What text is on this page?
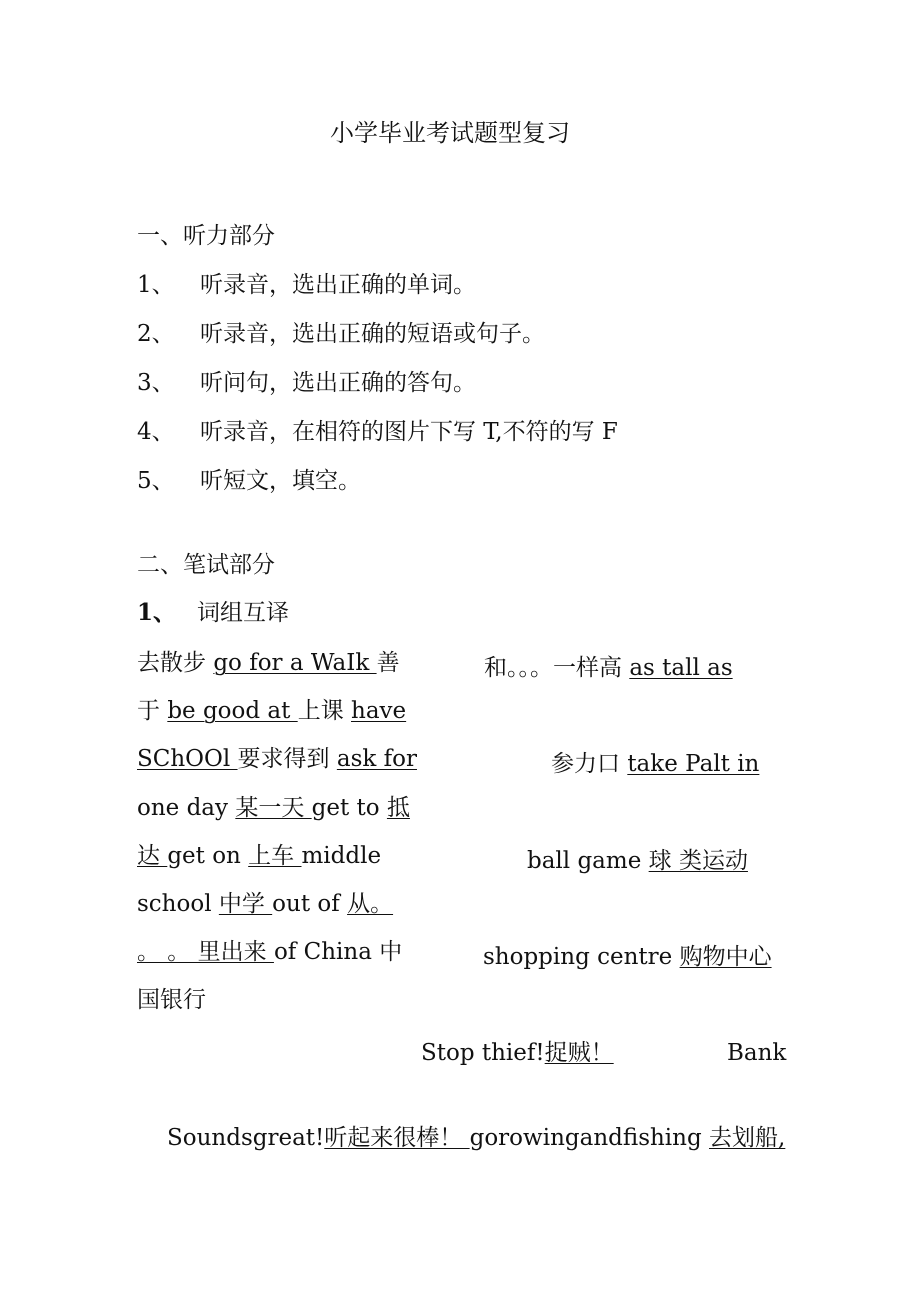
小学毕业考试题型复习
一、听力部分
1、 听录音，选出正确的单词。
2、 听录音，选出正确的短语或句子。
3、 听问句，选出正确的答句。
4、 听录音，在相符的图片下写 T,不符的写 F
5、 听短文，填空。
二、笔试部分
1、 词组互译
去散步 go for a WaIk 善
于 be good at 上课 have
SChOOl 要求得到 ask for
one day 某一天 get to 抵
达 get on 上车 middle
school 中学 out of 从。
。 。 里出来 of China 中
国银行
和。。。一样高 as tall as
参力口 take Palt in
ball game 球 类运动
shopping centre 购物中心
Stop thief!捉贼！	Bank
Soundsgreat!听起来很棒！ gorowingandfishing 去划船,
